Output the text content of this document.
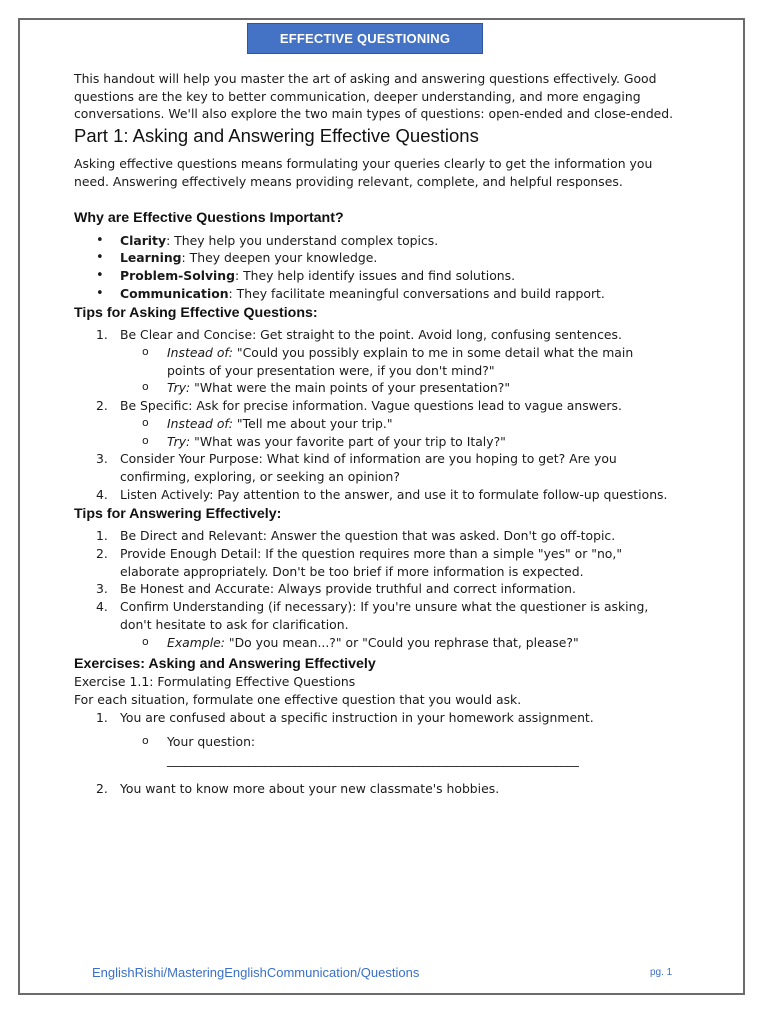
EFFECTIVE QUESTIONING

This handout will help you master the art of asking and answering questions effectively. Good questions are the key to better communication, deeper understanding, and more engaging conversations. We'll also explore the two main types of questions: open-ended and close-ended.

Part 1: Asking and Answering Effective Questions

Asking effective questions means formulating your queries clearly to get the information you need. Answering effectively means providing relevant, complete, and helpful responses.

Why are Effective Questions Important?
• Clarity: They help you understand complex topics.
• Learning: They deepen your knowledge.
• Problem-Solving: They help identify issues and find solutions.
• Communication: They facilitate meaningful conversations and build rapport.
Tips for Asking Effective Questions:
1. Be Clear and Concise: Get straight to the point. Avoid long, confusing sentences.
o Instead of: "Could you possibly explain to me in some detail what the main points of your presentation were, if you don't mind?"
o Try: "What were the main points of your presentation?"
2. Be Specific: Ask for precise information. Vague questions lead to vague answers.
o Instead of: "Tell me about your trip."
o Try: "What was your favorite part of your trip to Italy?"
3. Consider Your Purpose: What kind of information are you hoping to get? Are you confirming, exploring, or seeking an opinion?
4. Listen Actively: Pay attention to the answer, and use it to formulate follow-up questions.
Tips for Answering Effectively:
1. Be Direct and Relevant: Answer the question that was asked. Don't go off-topic.
2. Provide Enough Detail: If the question requires more than a simple "yes" or "no," elaborate appropriately. Don't be too brief if more information is expected.
3. Be Honest and Accurate: Always provide truthful and correct information.
4. Confirm Understanding (if necessary): If you're unsure what the questioner is asking, don't hesitate to ask for clarification.
o Example: "Do you mean...?" or "Could you rephrase that, please?"
Exercises: Asking and Answering Effectively

Exercise 1.1: Formulating Effective Questions

For each situation, formulate one effective question that you would ask.

1. You are confused about a specific instruction in your homework assignment.
o Your question:
_______________________________________________________________________
2. You want to know more about your new classmate's hobbies.
EnglishRishi/MasteringEnglishCommunication/Questions	pg. 1
